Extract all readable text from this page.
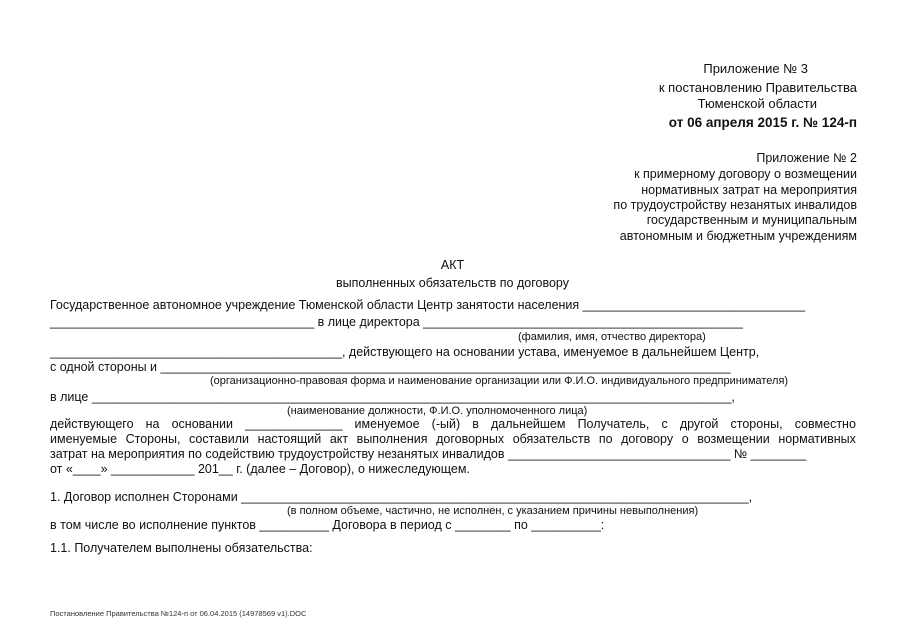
Приложение № 3
к постановлению Правительства
Тюменской области
от 06 апреля 2015 г. № 124-п
Приложение № 2
к примерному договору о возмещении
нормативных затрат на мероприятия
по трудоустройству незанятых инвалидов
государственным и муниципальным
автономным и бюджетным учреждениям
АКТ
выполненных обязательств по договору
Государственное автономное учреждение Тюменской области Центр занятости населения ________________________________
______________________________________ в лице директора ______________________________________________
(фамилия, имя, отчество директора)
__________________________________________, действующего на основании устава, именуемое в дальнейшем Центр,
с одной стороны и __________________________________________________________________________________
(организационно-правовая форма и наименование организации или Ф.И.О. индивидуального предпринимателя)
в лице ____________________________________________________________________________________________,
(наименование должности, Ф.И.О. уполномоченного лица)
действующего на основании ______________ именуемое (-ый) в дальнейшем Получатель, с другой стороны, совместно
именуемые Стороны, составили настоящий акт выполнения договорных обязательств по договору о возмещении нормативных
затрат на мероприятия по содействию трудоустройству незанятых инвалидов ________________________________ № ________
от «____» ____________ 201__ г. (далее – Договор), о нижеследующем.
1. Договор исполнен Сторонами _________________________________________________________________________,
(в полном объеме, частично, не исполнен, с указанием причины невыполнения)
в том числе во исполнение пунктов __________ Договора в период с ________ по __________:
1.1. Получателем выполнены обязательства:
Постановление Правительства №124-п от 06.04.2015 (14978569 v1).DOC
